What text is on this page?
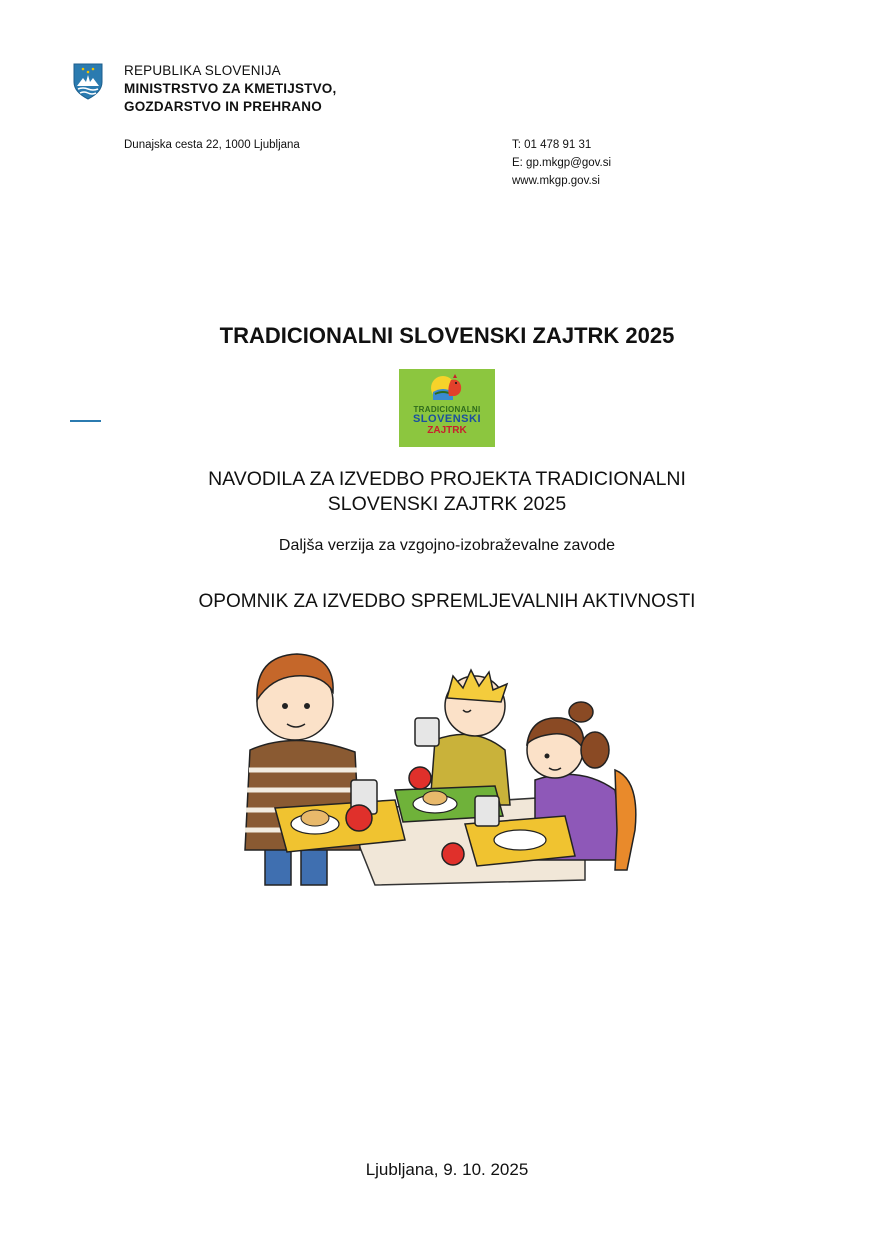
REPUBLIKA SLOVENIJA
MINISTRSTVO ZA KMETIJSTVO,
GOZDARSTVO IN PREHRANO
Dunajska cesta 22, 1000 Ljubljana	T: 01 478 91 31
E: gp.mkgp@gov.si
www.mkgp.gov.si
TRADICIONALNI SLOVENSKI ZAJTRK 2025
TRADICIONALNI
SLOVENSKI
ZAJTRK
NAVODILA ZA IZVEDBO PROJEKTA TRADICIONALNI
SLOVENSKI ZAJTRK 2025
Daljša verzija za vzgojno-izobraževalne zavode
OPOMNIK ZA IZVEDBO SPREMLJEVALNIH AKTIVNOSTI
Ljubljana, 9. 10. 2025
